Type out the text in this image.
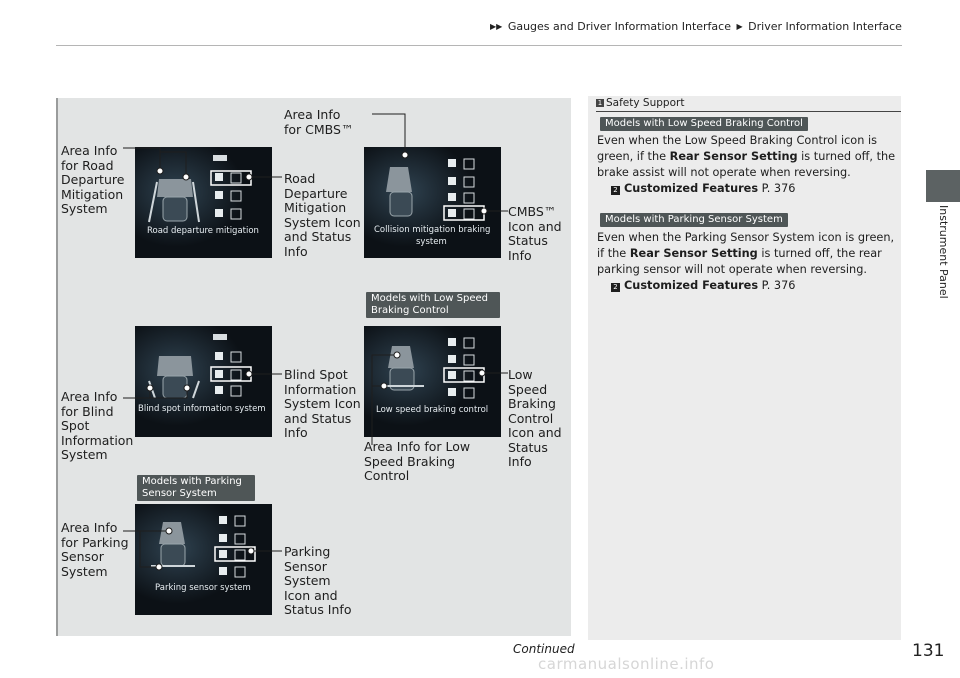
▶▶ Gauges and Driver Information Interface ▶ Driver Information Interface
Instrument Panel
Road departure mitigation	Collision mitigation braking
system
Blind spot information system	Low speed braking control
Parking sensor system
Area Info
for CMBS™
Area Info
for Road
Departure
Mitigation
System
Road
Departure
Mitigation
System Icon
and Status
Info
CMBS™
Icon and
Status
Info
Models with Low Speed
Braking Control
Blind Spot
Information
System Icon
and Status
Info
Low
Speed
Braking
Control
Icon and
Status
Info
Area Info
for Blind
Spot
Information
System
Area Info for Low
Speed Braking
Control
Models with Parking
Sensor System
Area Info
for Parking
Sensor
System
Parking
Sensor
System
Icon and
Status Info
1 Safety Support
Models with Low Speed Braking Control
Even when the Low Speed Braking Control icon is
green, if the Rear Sensor Setting is turned off, the
brake assist will not operate when reversing.
2 Customized Features P. 376
Models with Parking Sensor System
Even when the Parking Sensor System icon is green,
if the Rear Sensor Setting is turned off, the rear
parking sensor will not operate when reversing.
2 Customized Features P. 376
Continued	131
carmanualsonline.info
